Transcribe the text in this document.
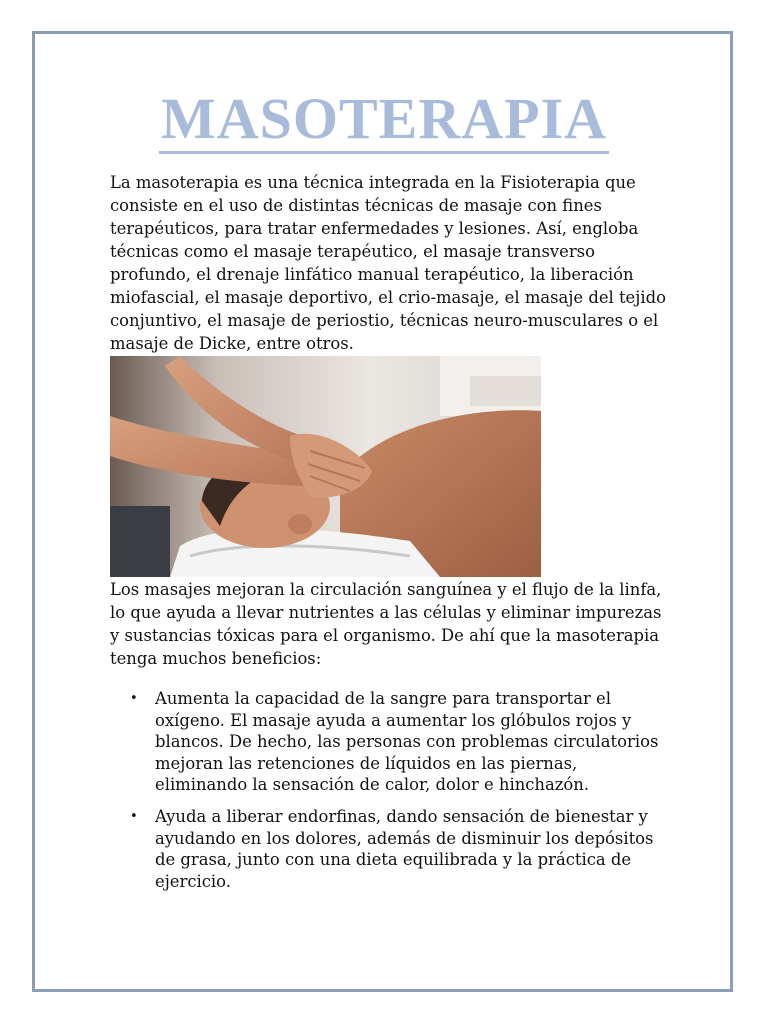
MASOTERAPIA

La masoterapia es una técnica integrada en la Fisioterapia que consiste en el uso de distintas técnicas de masaje con fines terapéuticos, para tratar enfermedades y lesiones. Así, engloba técnicas como el masaje terapéutico, el masaje transverso profundo, el drenaje linfático manual terapéutico, la liberación miofascial, el masaje deportivo, el crio-masaje, el masaje del tejido conjuntivo, el masaje de periostio, técnicas neuro-musculares o el masaje de Dicke, entre otros.

Los masajes mejoran la circulación sanguínea y el flujo de la linfa, lo que ayuda a llevar nutrientes a las células y eliminar impurezas y sustancias tóxicas para el organismo. De ahí que la masoterapia tenga muchos beneficios:

• Aumenta la capacidad de la sangre para transportar el oxígeno. El masaje ayuda a aumentar los glóbulos rojos y blancos. De hecho, las personas con problemas circulatorios mejoran las retenciones de líquidos en las piernas, eliminando la sensación de calor, dolor e hinchazón.
• Ayuda a liberar endorfinas, dando sensación de bienestar y ayudando en los dolores, además de disminuir los depósitos de grasa, junto con una dieta equilibrada y la práctica de ejercicio.
